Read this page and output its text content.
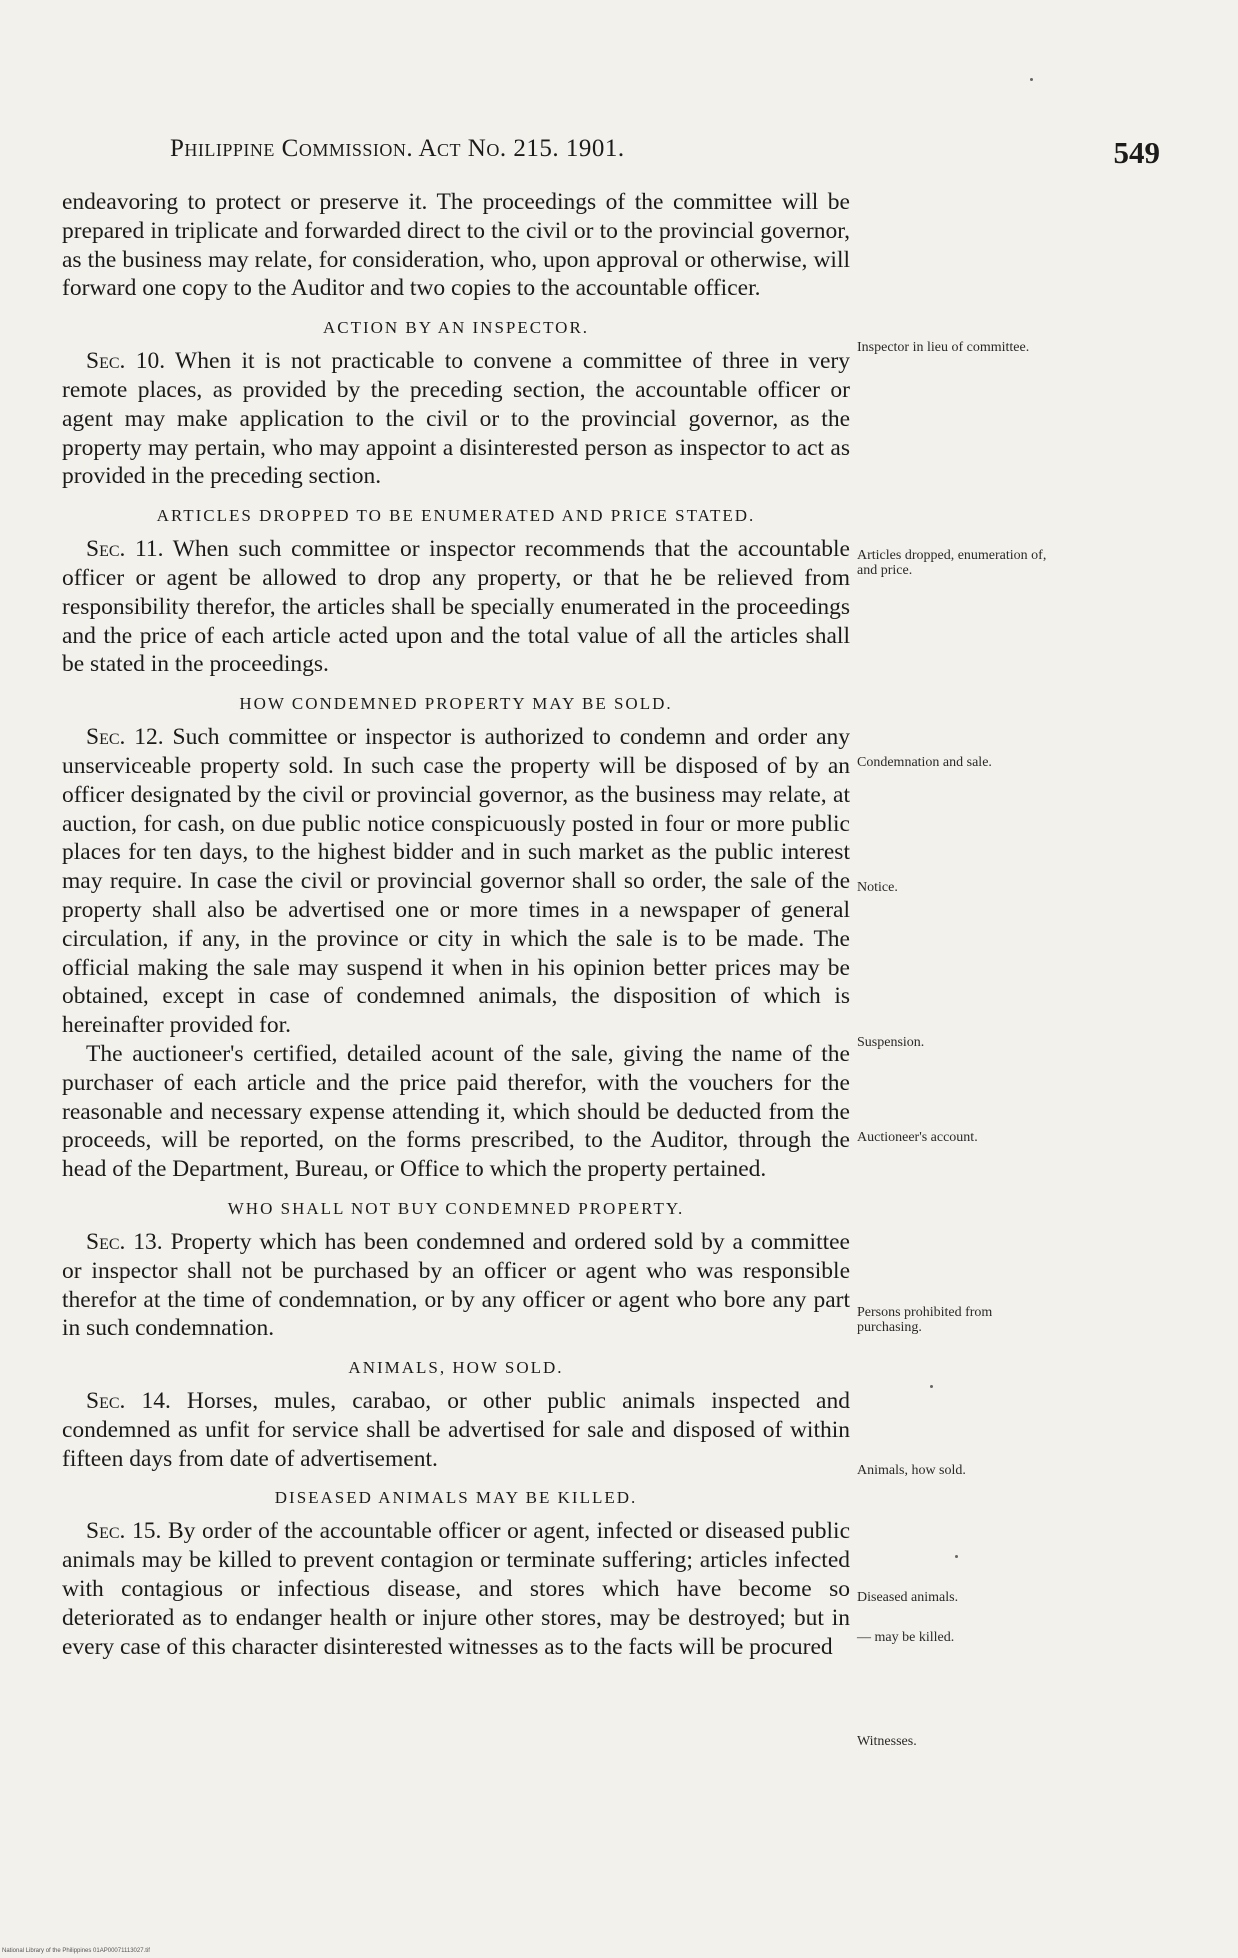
Philippine Commission. Act No. 215. 1901.	549

endeavoring to protect or preserve it. The proceedings of the committee will be prepared in triplicate and forwarded direct to the civil or to the provincial governor, as the business may relate, for consideration, who, upon approval or otherwise, will forward one copy to the Auditor and two copies to the accountable officer.

ACTION BY AN INSPECTOR.

Sec. 10. When it is not practicable to convene a committee of three in very remote places, as provided by the preceding section, the accountable officer or agent may make application to the civil or to the provincial governor, as the property may pertain, who may appoint a disinterested person as inspector to act as provided in the preceding section.

ARTICLES DROPPED TO BE ENUMERATED AND PRICE STATED.

Sec. 11. When such committee or inspector recommends that the accountable officer or agent be allowed to drop any property, or that he be relieved from responsibility therefor, the articles shall be specially enumerated in the proceedings and the price of each article acted upon and the total value of all the articles shall be stated in the proceedings.

HOW CONDEMNED PROPERTY MAY BE SOLD.

Sec. 12. Such committee or inspector is authorized to condemn and order any unserviceable property sold. In such case the property will be disposed of by an officer designated by the civil or provincial governor, as the business may relate, at auction, for cash, on due public notice conspicuously posted in four or more public places for ten days, to the highest bidder and in such market as the public interest may require. In case the civil or provincial governor shall so order, the sale of the property shall also be advertised one or more times in a newspaper of general circulation, if any, in the province or city in which the sale is to be made. The official making the sale may suspend it when in his opinion better prices may be obtained, except in case of condemned animals, the disposition of which is hereinafter provided for.

The auctioneer's certified, detailed acount of the sale, giving the name of the purchaser of each article and the price paid therefor, with the vouchers for the reasonable and necessary expense attending it, which should be deducted from the proceeds, will be reported, on the forms prescribed, to the Auditor, through the head of the Department, Bureau, or Office to which the property pertained.

WHO SHALL NOT BUY CONDEMNED PROPERTY.

Sec. 13. Property which has been condemned and ordered sold by a committee or inspector shall not be purchased by an officer or agent who was responsible therefor at the time of condemnation, or by any officer or agent who bore any part in such condemnation.

ANIMALS, HOW SOLD.

Sec. 14. Horses, mules, carabao, or other public animals inspected and condemned as unfit for service shall be advertised for sale and disposed of within fifteen days from date of advertisement.

DISEASED ANIMALS MAY BE KILLED.

Sec. 15. By order of the accountable officer or agent, infected or diseased public animals may be killed to prevent contagion or terminate suffering; articles infected with contagious or infectious disease, and stores which have become so deteriorated as to endanger health or injure other stores, may be destroyed; but in every case of this character disinterested witnesses as to the facts will be procured

Inspector in lieu of committee.
Articles dropped, enumeration of, and price.
Condemnation and sale.
Notice.
Suspension.
Auctioneer's account.
Persons prohibited from purchasing.
Animals, how sold.
Diseased animals.
— may be killed.
Witnesses.
National Library of the Philippines 01AP00071113027.tif
